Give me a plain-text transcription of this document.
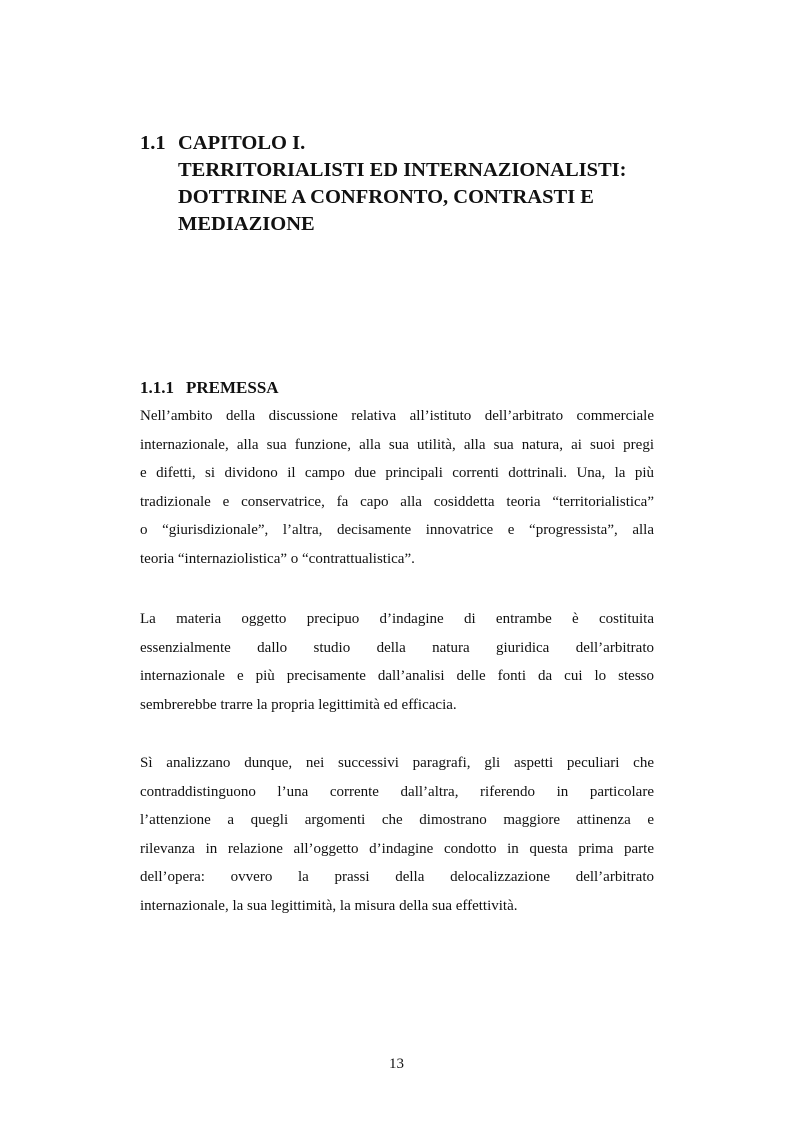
1.1 CAPITOLO I.
TERRITORIALISTI ED INTERNAZIONALISTI:
DOTTRINE A CONFRONTO, CONTRASTI E
MEDIAZIONE
1.1.1 PREMESSA
Nell’ambito della discussione relativa all’istituto dell’arbitrato commerciale
internazionale, alla sua funzione, alla sua utilità, alla sua natura, ai suoi pregi
e difetti, si dividono il campo due principali correnti dottrinali. Una, la più
tradizionale e conservatrice, fa capo alla cosiddetta teoria “territorialistica”
o “giurisdizionale”, l’altra, decisamente innovatrice e “progressista”, alla
teoria “internaziolistica” o “contrattualistica”.
La materia oggetto precipuo d’indagine di entrambe è costituita
essenzialmente dallo studio della natura giuridica dell’arbitrato
internazionale e più precisamente dall’analisi delle fonti da cui lo stesso
sembrerebbe trarre la propria legittimità ed efficacia.
Sì analizzano dunque, nei successivi paragrafi, gli aspetti peculiari che
contraddistinguono l’una corrente dall’altra, riferendo in particolare
l’attenzione a quegli argomenti che dimostrano maggiore attinenza e
rilevanza in relazione all’oggetto d’indagine condotto in questa prima parte
dell’opera: ovvero la prassi della delocalizzazione dell’arbitrato
internazionale, la sua legittimità, la misura della sua effettività.
13
